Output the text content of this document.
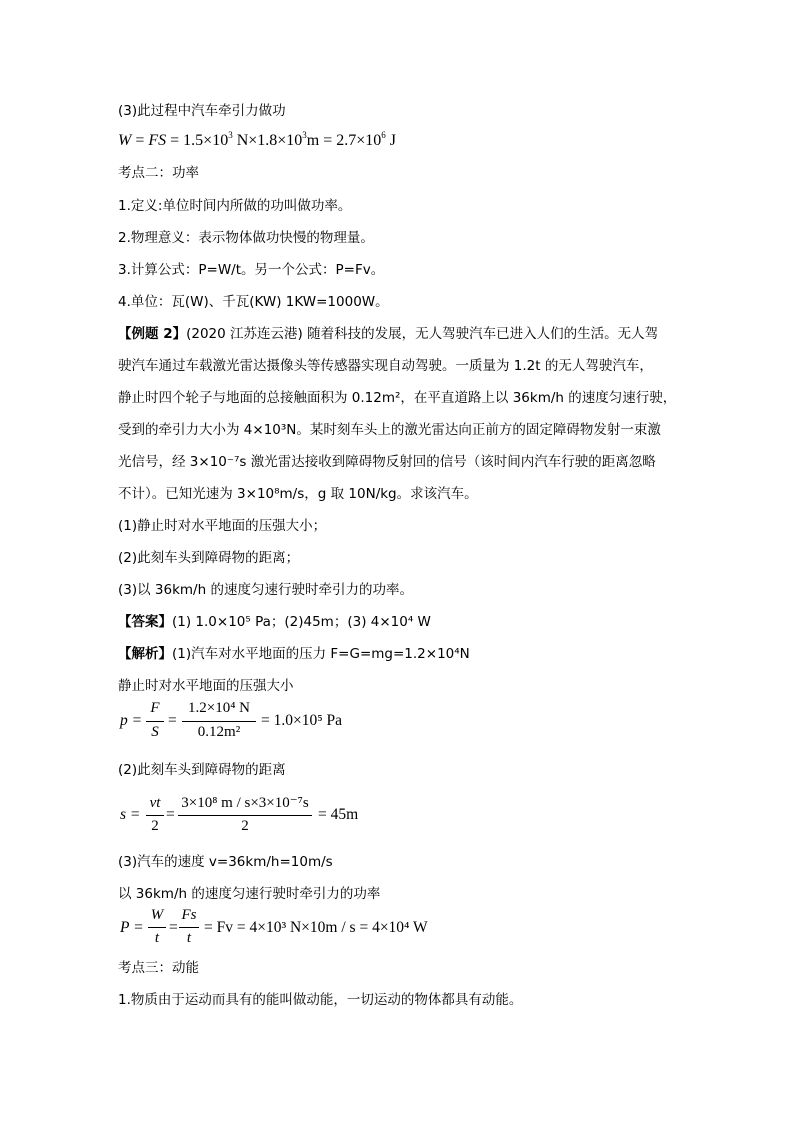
(3)此过程中汽车牵引力做功
W = FS = $1.5\times 10^3$ $N\times 1.8\times 10^3m = 2.7\times 10^6$ J
考点二：功率
1.定义:单位时间内所做的功叫做功率。
2.物理意义：表示物体做功快慢的物理量。
3.计算公式：P=W/t。另一个公式：P=Fv。
4.单位：瓦(W)、千瓦(KW) 1KW=1000W。
【例题 2】(2020 江苏连云港) 随着科技的发展，无人驾驶汽车已进入人们的生活。无人驾
驶汽车通过车载激光雷达摄像头等传感器实现自动驾驶。一质量为 1.2t 的无人驾驶汽车，
静止时四个轮子与地面的总接触面积为 0.12m²，在平直道路上以 36km/h 的速度匀速行驶，
受到的牵引力大小为 4×10³N。某时刻车头上的激光雷达向正前方的固定障碍物发射一束激
光信号，经 3×10⁻⁷s 激光雷达接收到障碍物反射回的信号（该时间内汽车行驶的距离忽略
不计）。已知光速为 3×10⁸m/s，g 取 10N/kg。求该汽车。
(1)静止时对水平地面的压强大小；
(2)此刻车头到障碍物的距离；
(3)以 36km/h 的速度匀速行驶时牵引力的功率。
【答案】(1) 1.0×10⁵ Pa；(2)45m；(3) 4×10⁴ W
【解析】(1)汽车对水平地面的压力 F=G=mg=1.2×10⁴N
静止时对水平地面的压强大小
p =
F
S
=
1.2×10⁴ N
0.12m²
= 1.0×10⁵ Pa
(2)此刻车头到障碍物的距离
s =
vt
2
=
3×10⁸ m / s×3×10⁻⁷s
2
= 45m
(3)汽车的速度 v=36km/h=10m/s
以 36km/h 的速度匀速行驶时牵引力的功率
P =
W
t
=
Fs
t
= Fv = 4×10³ N×10m / s = 4×10⁴ W
考点三：动能
1.物质由于运动而具有的能叫做动能，一切运动的物体都具有动能。
